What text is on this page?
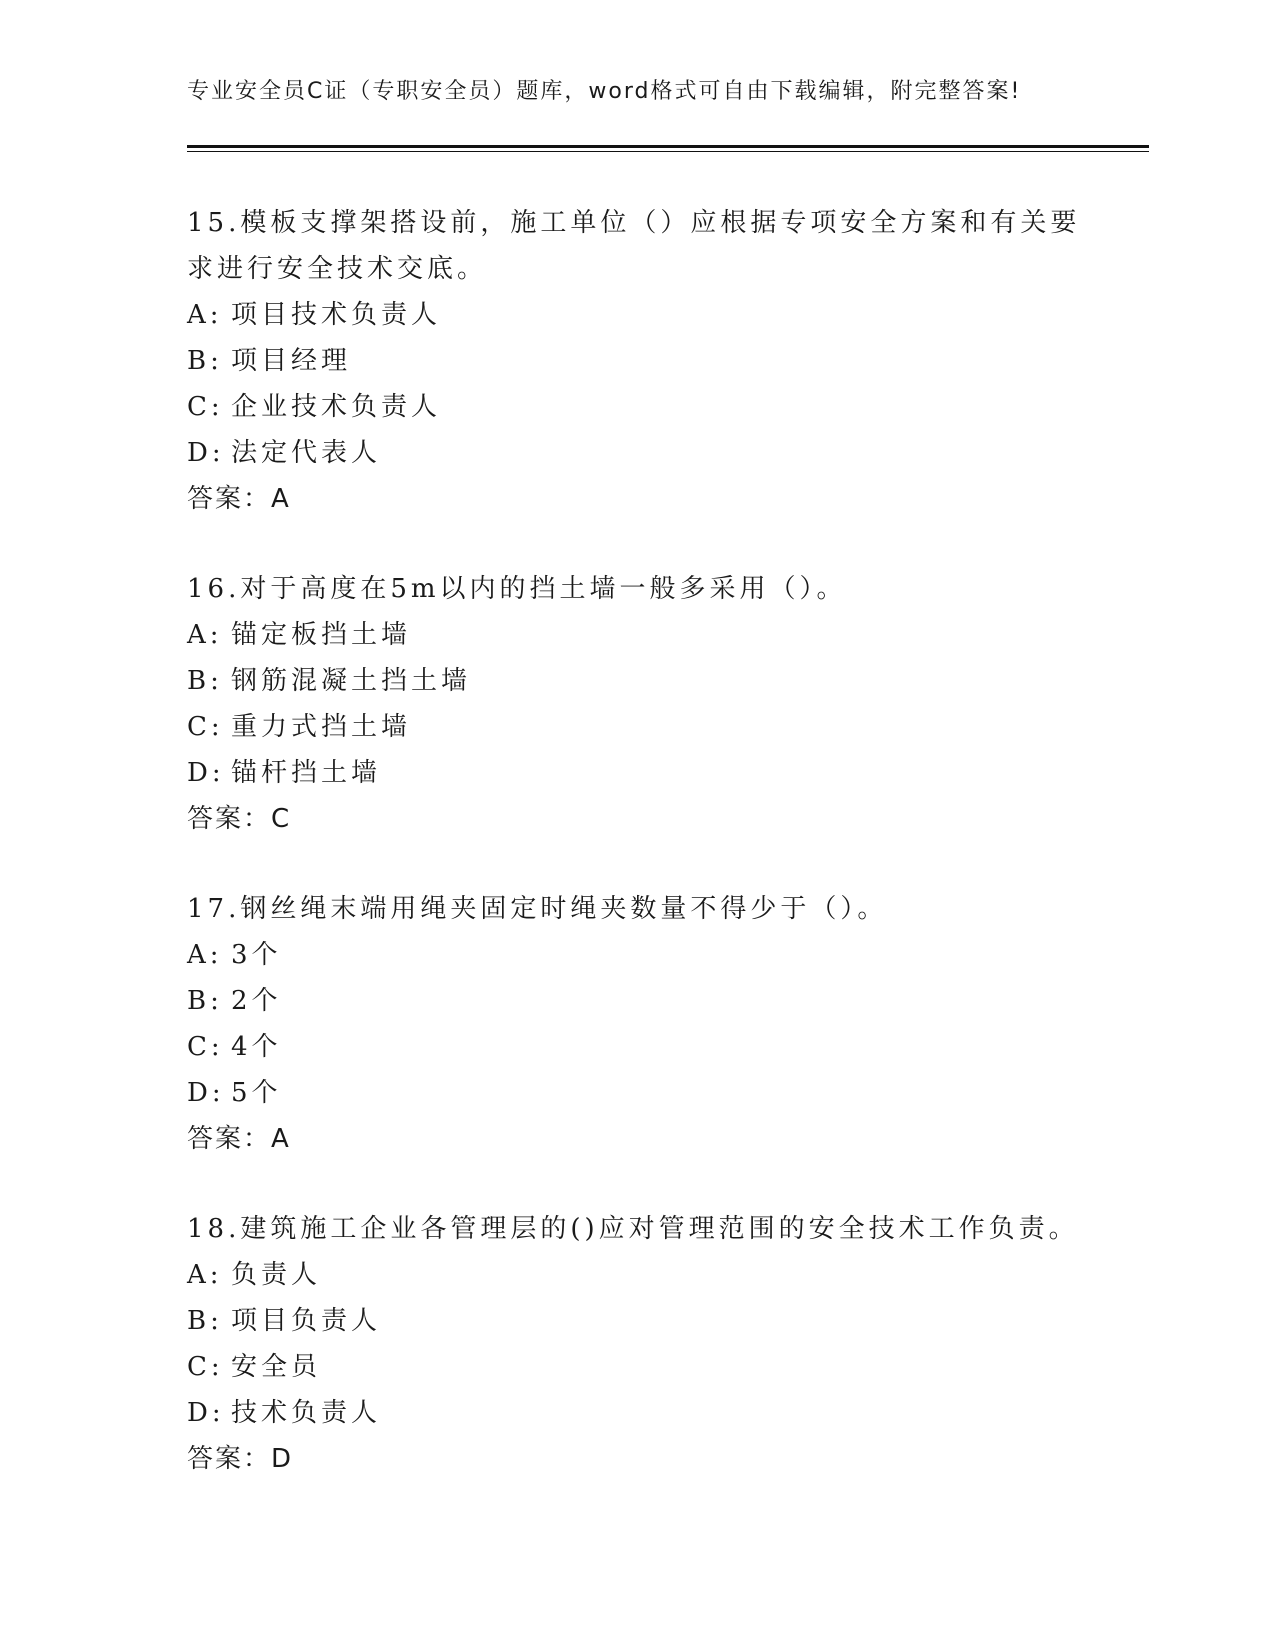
专业安全员C证（专职安全员）题库，word格式可自由下载编辑，附完整答案!

15.模板支撑架搭设前，施工单位（）应根据专项安全方案和有关要求进行安全技术交底。

A: 项目技术负责人

B: 项目经理

C: 企业技术负责人

D: 法定代表人

答案：A

16.对于高度在5m以内的挡土墙一般多采用（）。

A: 锚定板挡土墙

B: 钢筋混凝土挡土墙

C: 重力式挡土墙

D: 锚杆挡土墙

答案：C

17.钢丝绳末端用绳夹固定时绳夹数量不得少于（）。

A: 3个

B: 2个

C: 4个

D: 5个

答案：A

18.建筑施工企业各管理层的()应对管理范围的安全技术工作负责。

A: 负责人

B: 项目负责人

C: 安全员

D: 技术负责人

答案：D
